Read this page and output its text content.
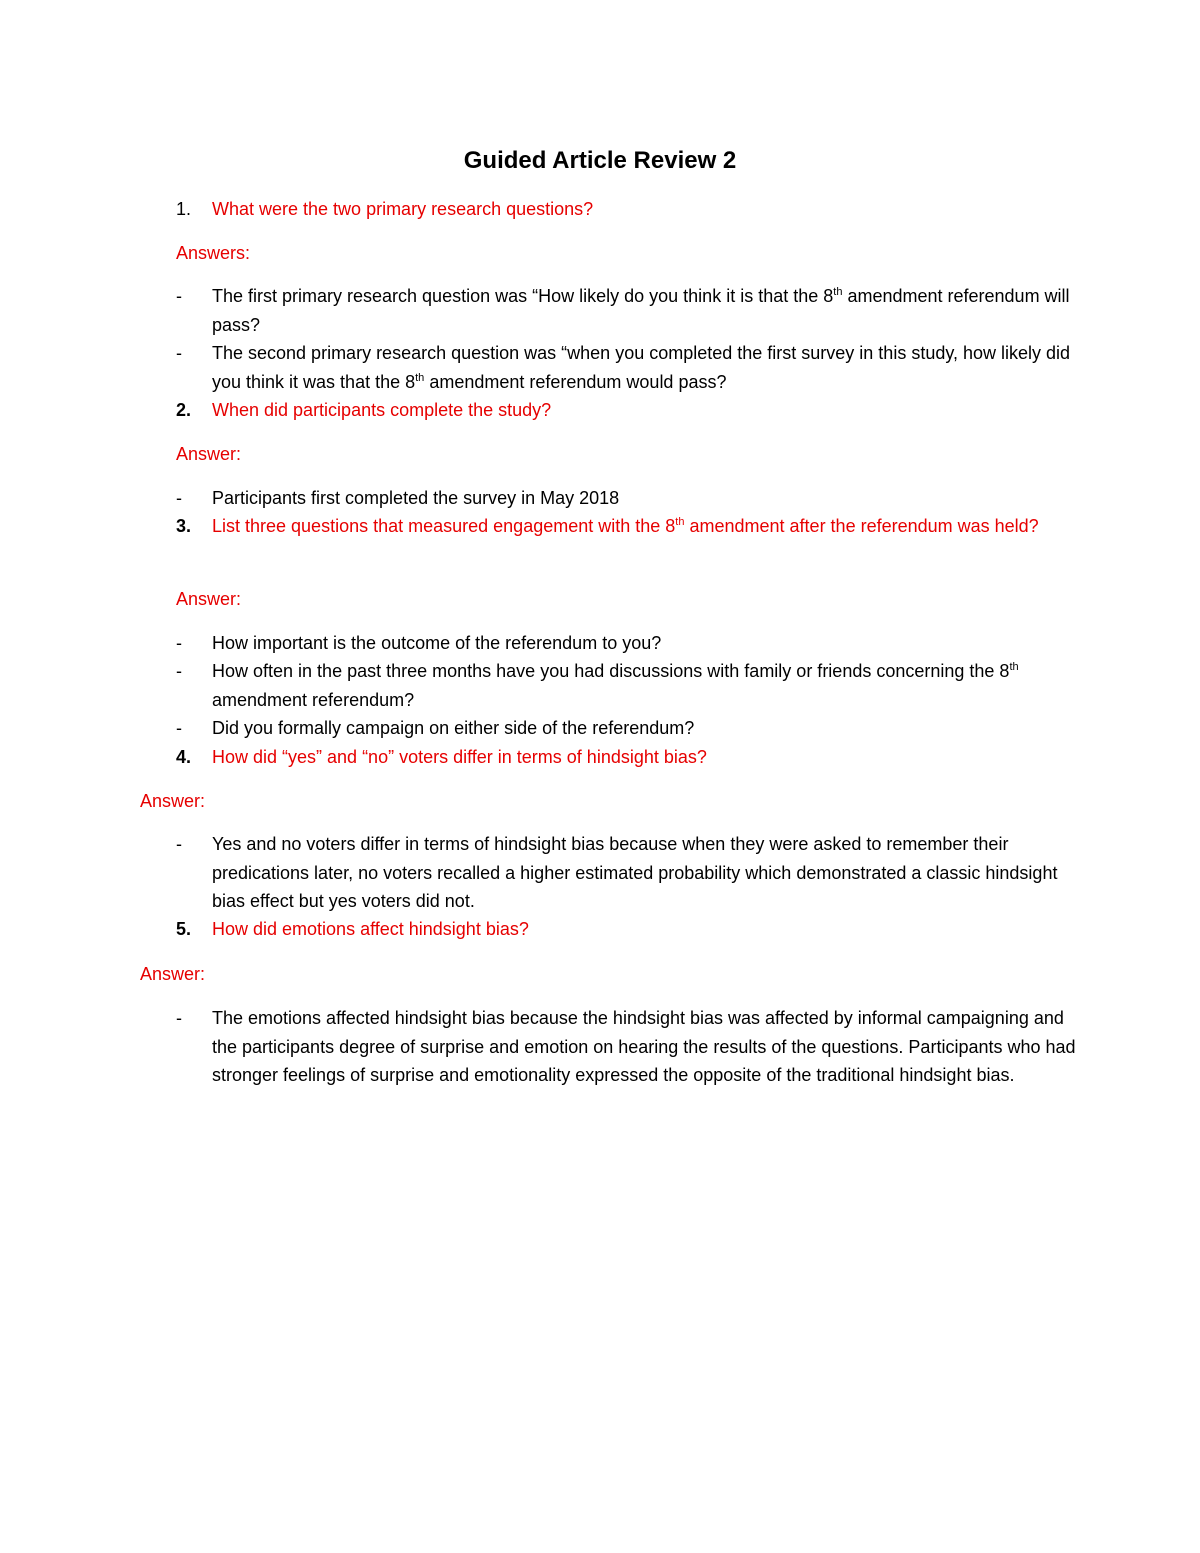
Guided Article Review 2
1. What were the two primary research questions?
Answers:
- The first primary research question was “How likely do you think it is that the 8th amendment referendum will pass?
- The second primary research question was “when you completed the first survey in this study, how likely did you think it was that the 8th amendment referendum would pass?
2. When did participants complete the study?
Answer:
- Participants first completed the survey in May 2018
3. List three questions that measured engagement with the 8th amendment after the referendum was held?
Answer:
- How important is the outcome of the referendum to you?
- How often in the past three months have you had discussions with family or friends concerning the 8th amendment referendum?
- Did you formally campaign on either side of the referendum?
4. How did “yes” and “no” voters differ in terms of hindsight bias?
Answer:
- Yes and no voters differ in terms of hindsight bias because when they were asked to remember their predications later, no voters recalled a higher estimated probability which demonstrated a classic hindsight bias effect but yes voters did not.
5. How did emotions affect hindsight bias?
Answer:
- The emotions affected hindsight bias because the hindsight bias was affected by informal campaigning and the participants degree of surprise and emotion on hearing the results of the questions. Participants who had stronger feelings of surprise and emotionality expressed the opposite of the traditional hindsight bias.
